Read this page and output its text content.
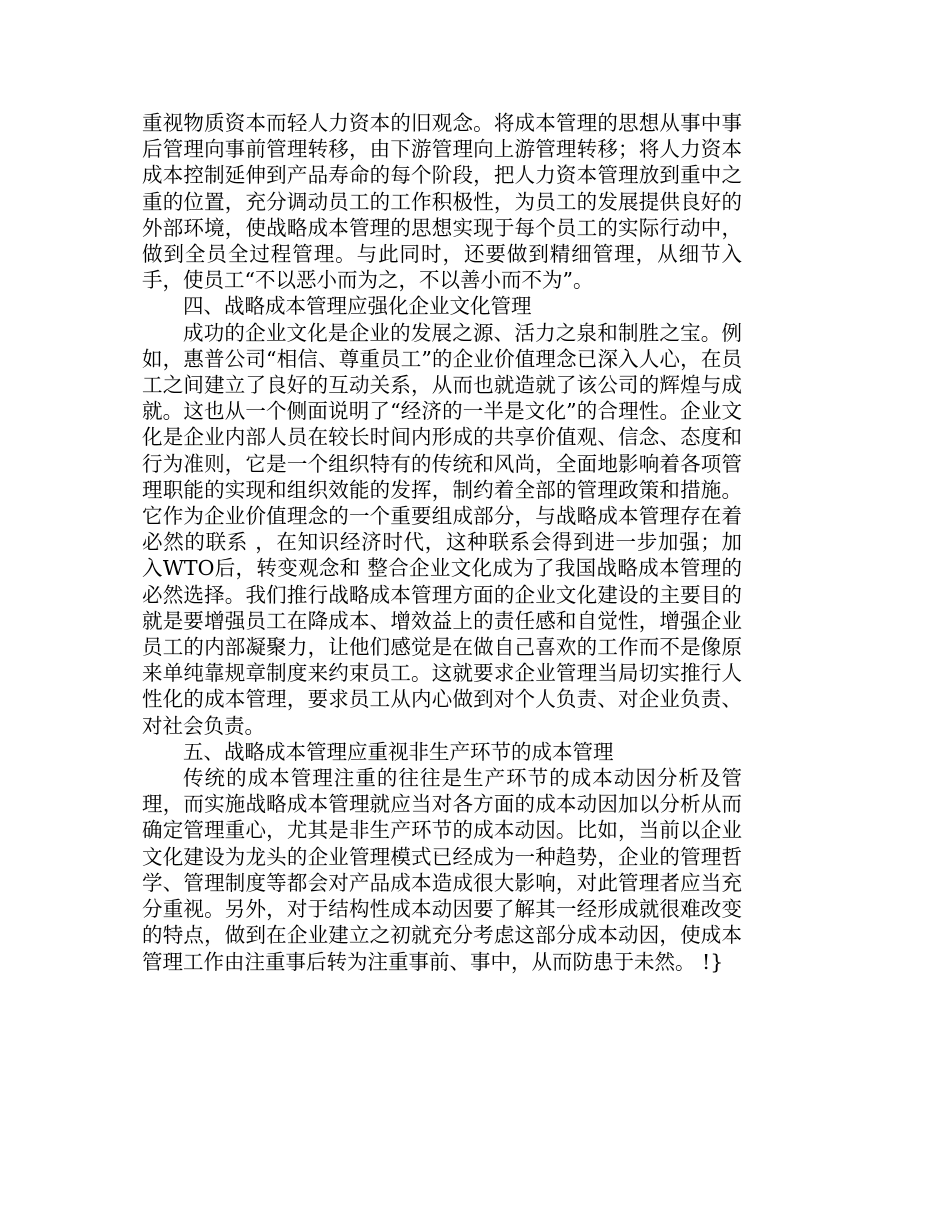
重视物质资本而轻人力资本的旧观念。将成本管理的思想从事中事后管理向事前管理转移，由下游管理向上游管理转移；将人力资本成本控制延伸到产品寿命的每个阶段，把人力资本管理放到重中之重的位置，充分调动员工的工作积极性，为员工的发展提供良好的外部环境，使战略成本管理的思想实现于每个员工的实际行动中，做到全员全过程管理。与此同时，还要做到精细管理，从细节入手，使员工“不以恶小而为之，不以善小而不为”。

四、战略成本管理应强化企业文化管理

成功的企业文化是企业的发展之源、活力之泉和制胜之宝。例如，惠普公司“相信、尊重员工”的企业价值理念已深入人心，在员工之间建立了良好的互动关系，从而也就造就了该公司的辉煌与成就。这也从一个侧面说明了“经济的一半是文化”的合理性。企业文化是企业内部人员在较长时间内形成的共享价值观、信念、态度和行为准则，它是一个组织特有的传统和风尚，全面地影响着各项管理职能的实现和组织效能的发挥，制约着全部的管理政策和措施。它作为企业价值理念的一个重要组成部分，与战略成本管理存在着必然的联系 ，在知识经济时代，这种联系会得到进一步加强；加入WTO后，转变观念和 整合企业文化成为了我国战略成本管理的必然选择。我们推行战略成本管理方面的企业文化建设的主要目的就是要增强员工在降成本、增效益上的责任感和自觉性，增强企业员工的内部凝聚力，让他们感觉是在做自己喜欢的工作而不是像原来单纯靠规章制度来约束员工。这就要求企业管理当局切实推行人性化的成本管理，要求员工从内心做到对个人负责、对企业负责、对社会负责。

五、战略成本管理应重视非生产环节的成本管理

传统的成本管理注重的往往是生产环节的成本动因分析及管理，而实施战略成本管理就应当对各方面的成本动因加以分析从而确定管理重心，尤其是非生产环节的成本动因。比如，当前以企业文化建设为龙头的企业管理模式已经成为一种趋势，企业的管理哲学、管理制度等都会对产品成本造成很大影响，对此管理者应当充分重视。另外，对于结构性成本动因要了解其一经形成就很难改变的特点，做到在企业建立之初就充分考虑这部分成本动因，使成本管理工作由注重事后转为注重事前、事中，从而防患于未然。 !}
